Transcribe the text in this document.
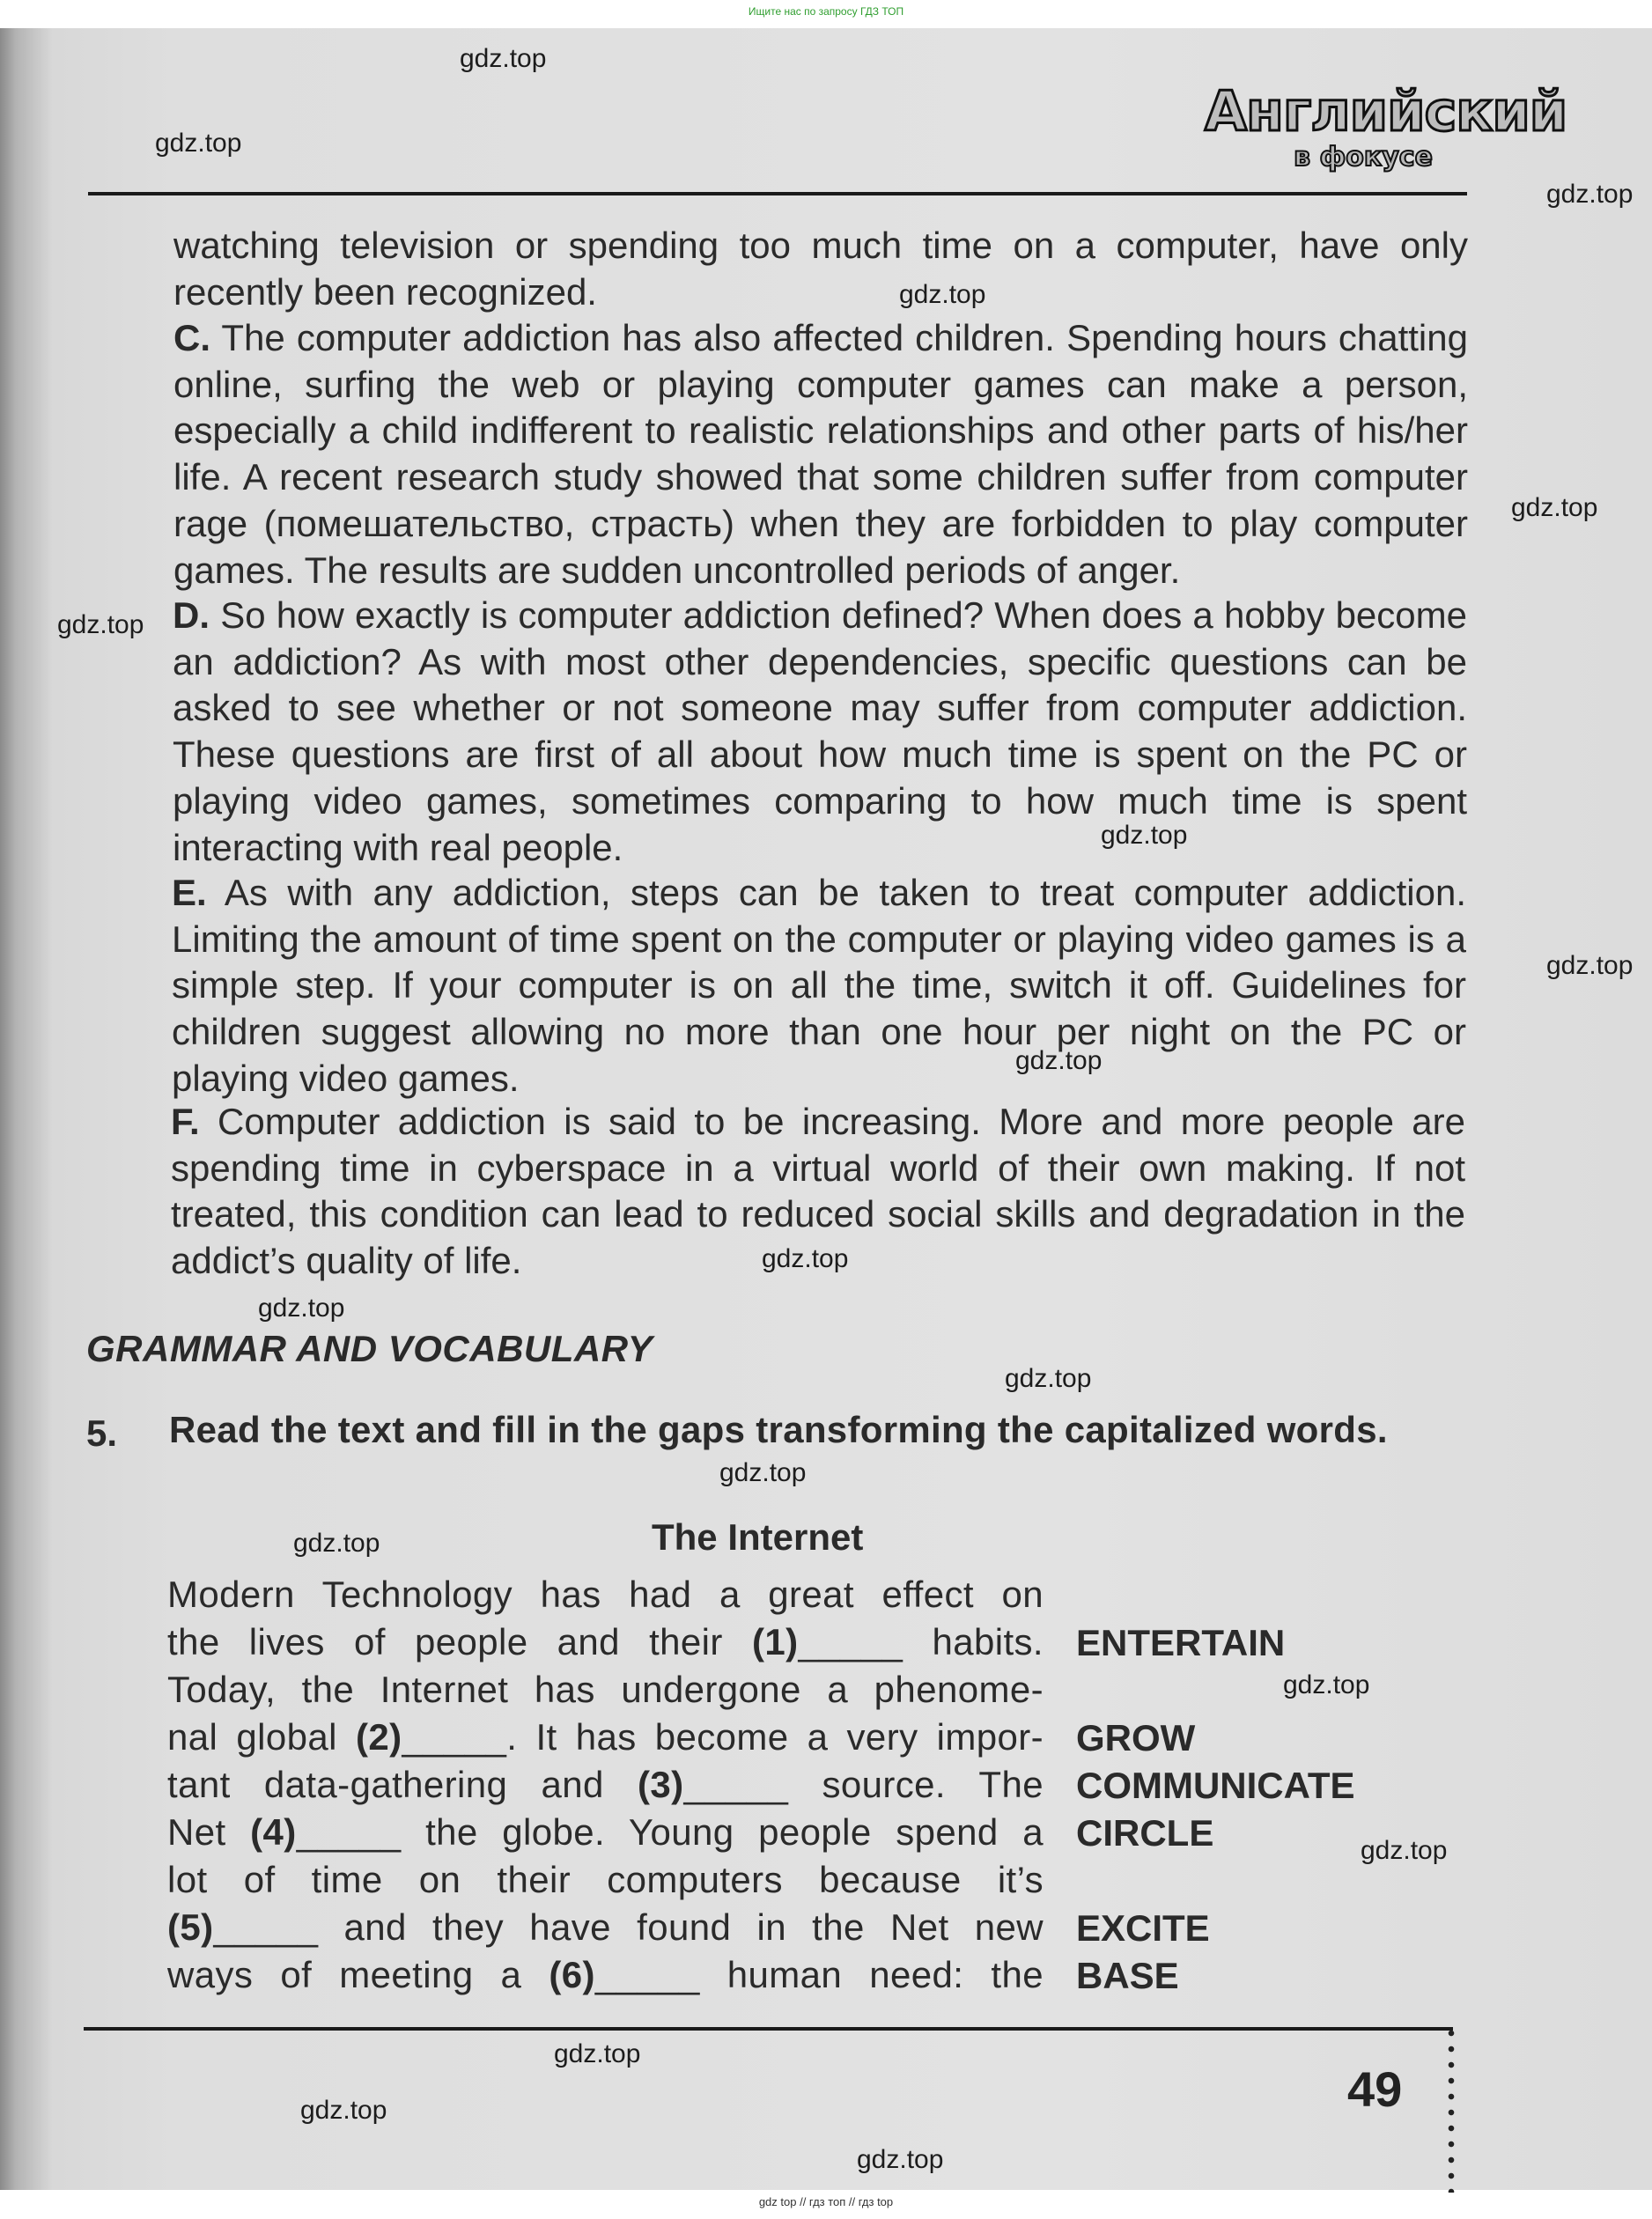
Ищите нас по запросу ГДЗ ТОП
Английский
в фокусе
watching television or spending too much time on a computer, have only recently been recognized.
C. The computer addiction has also affected children. Spending hours chatting online, surfing the web or playing computer games can make a person, especially a child indifferent to realistic relationships and other parts of his/her life. A recent research study showed that some children suffer from computer rage (помешательство, страсть) when they are forbidden to play computer games. The results are sudden uncontrolled periods of anger.
D. So how exactly is computer addiction defined? When does a hobby become an addiction? As with most other dependencies, specific questions can be asked to see whether or not someone may suffer from computer addiction. These questions are first of all about how much time is spent on the PC or playing video games, sometimes comparing to how much time is spent interacting with real people.
E. As with any addiction, steps can be taken to treat computer addiction. Limiting the amount of time spent on the computer or playing video games is a simple step. If your computer is on all the time, switch it off. Guidelines for children suggest allowing no more than one hour per night on the PC or playing video games.
F. Computer addiction is said to be increasing. More and more people are spending time in cyberspace in a virtual world of their own making. If not treated, this condition can lead to reduced social skills and degradation in the addict’s quality of life.
GRAMMAR AND VOCABULARY
5. Read the text and fill in the gaps transforming the capitalized words.
The Internet
Modern Technology has had a great effect on
the lives of people and their (1)_____ habits.
Today, the Internet has undergone a phenome-
nal global (2)_____. It has become a very impor-
tant data-gathering and (3)_____ source. The
Net (4)_____ the globe. Young people spend a
lot of time on their computers because it’s
(5)_____ and they have found in the Net new
ways of meeting a (6)_____ human need: the
ENTERTAIN
GROW
COMMUNICATE
CIRCLE
EXCITE
BASE
49
gdz.top
gdz.top
gdz.top
gdz.top
gdz.top
gdz.top
gdz.top
gdz.top
gdz.top
gdz.top
gdz.top
gdz.top
gdz.top
gdz.top
gdz.top
gdz.top
gdz.top
gdz.top
gdz.top
gdz top // гдз топ // гдз top
